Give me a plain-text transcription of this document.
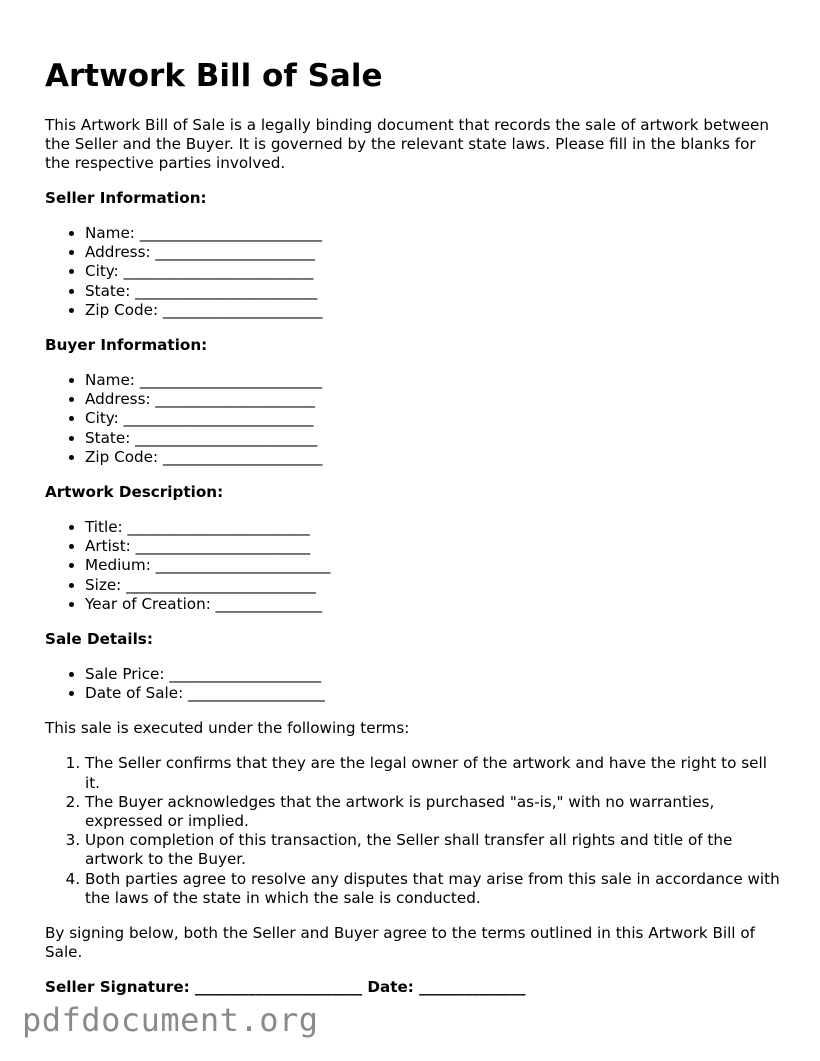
Artwork Bill of Sale

This Artwork Bill of Sale is a legally binding document that records the sale of artwork between the Seller and the Buyer. It is governed by the relevant state laws. Please fill in the blanks for the respective parties involved.

Seller Information:
• Name: ________________________
• Address: _____________________
• City: _________________________
• State: ________________________
• Zip Code: _____________________
Buyer Information:
• Name: ________________________
• Address: _____________________
• City: _________________________
• State: ________________________
• Zip Code: _____________________
Artwork Description:
• Title: ________________________
• Artist: _______________________
• Medium: _______________________
• Size: _________________________
• Year of Creation: ______________
Sale Details:
• Sale Price: ____________________
• Date of Sale: __________________

This sale is executed under the following terms:

1. The Seller confirms that they are the legal owner of the artwork and have the right to sell it.
2. The Buyer acknowledges that the artwork is purchased "as-is," with no warranties, expressed or implied.
3. Upon completion of this transaction, the Seller shall transfer all rights and title of the artwork to the Buyer.
4. Both parties agree to resolve any disputes that may arise from this sale in accordance with the laws of the state in which the sale is conducted.

By signing below, both the Seller and Buyer agree to the terms outlined in this Artwork Bill of Sale.

Seller Signature: ______________________ Date: ______________
pdfdocument.org
